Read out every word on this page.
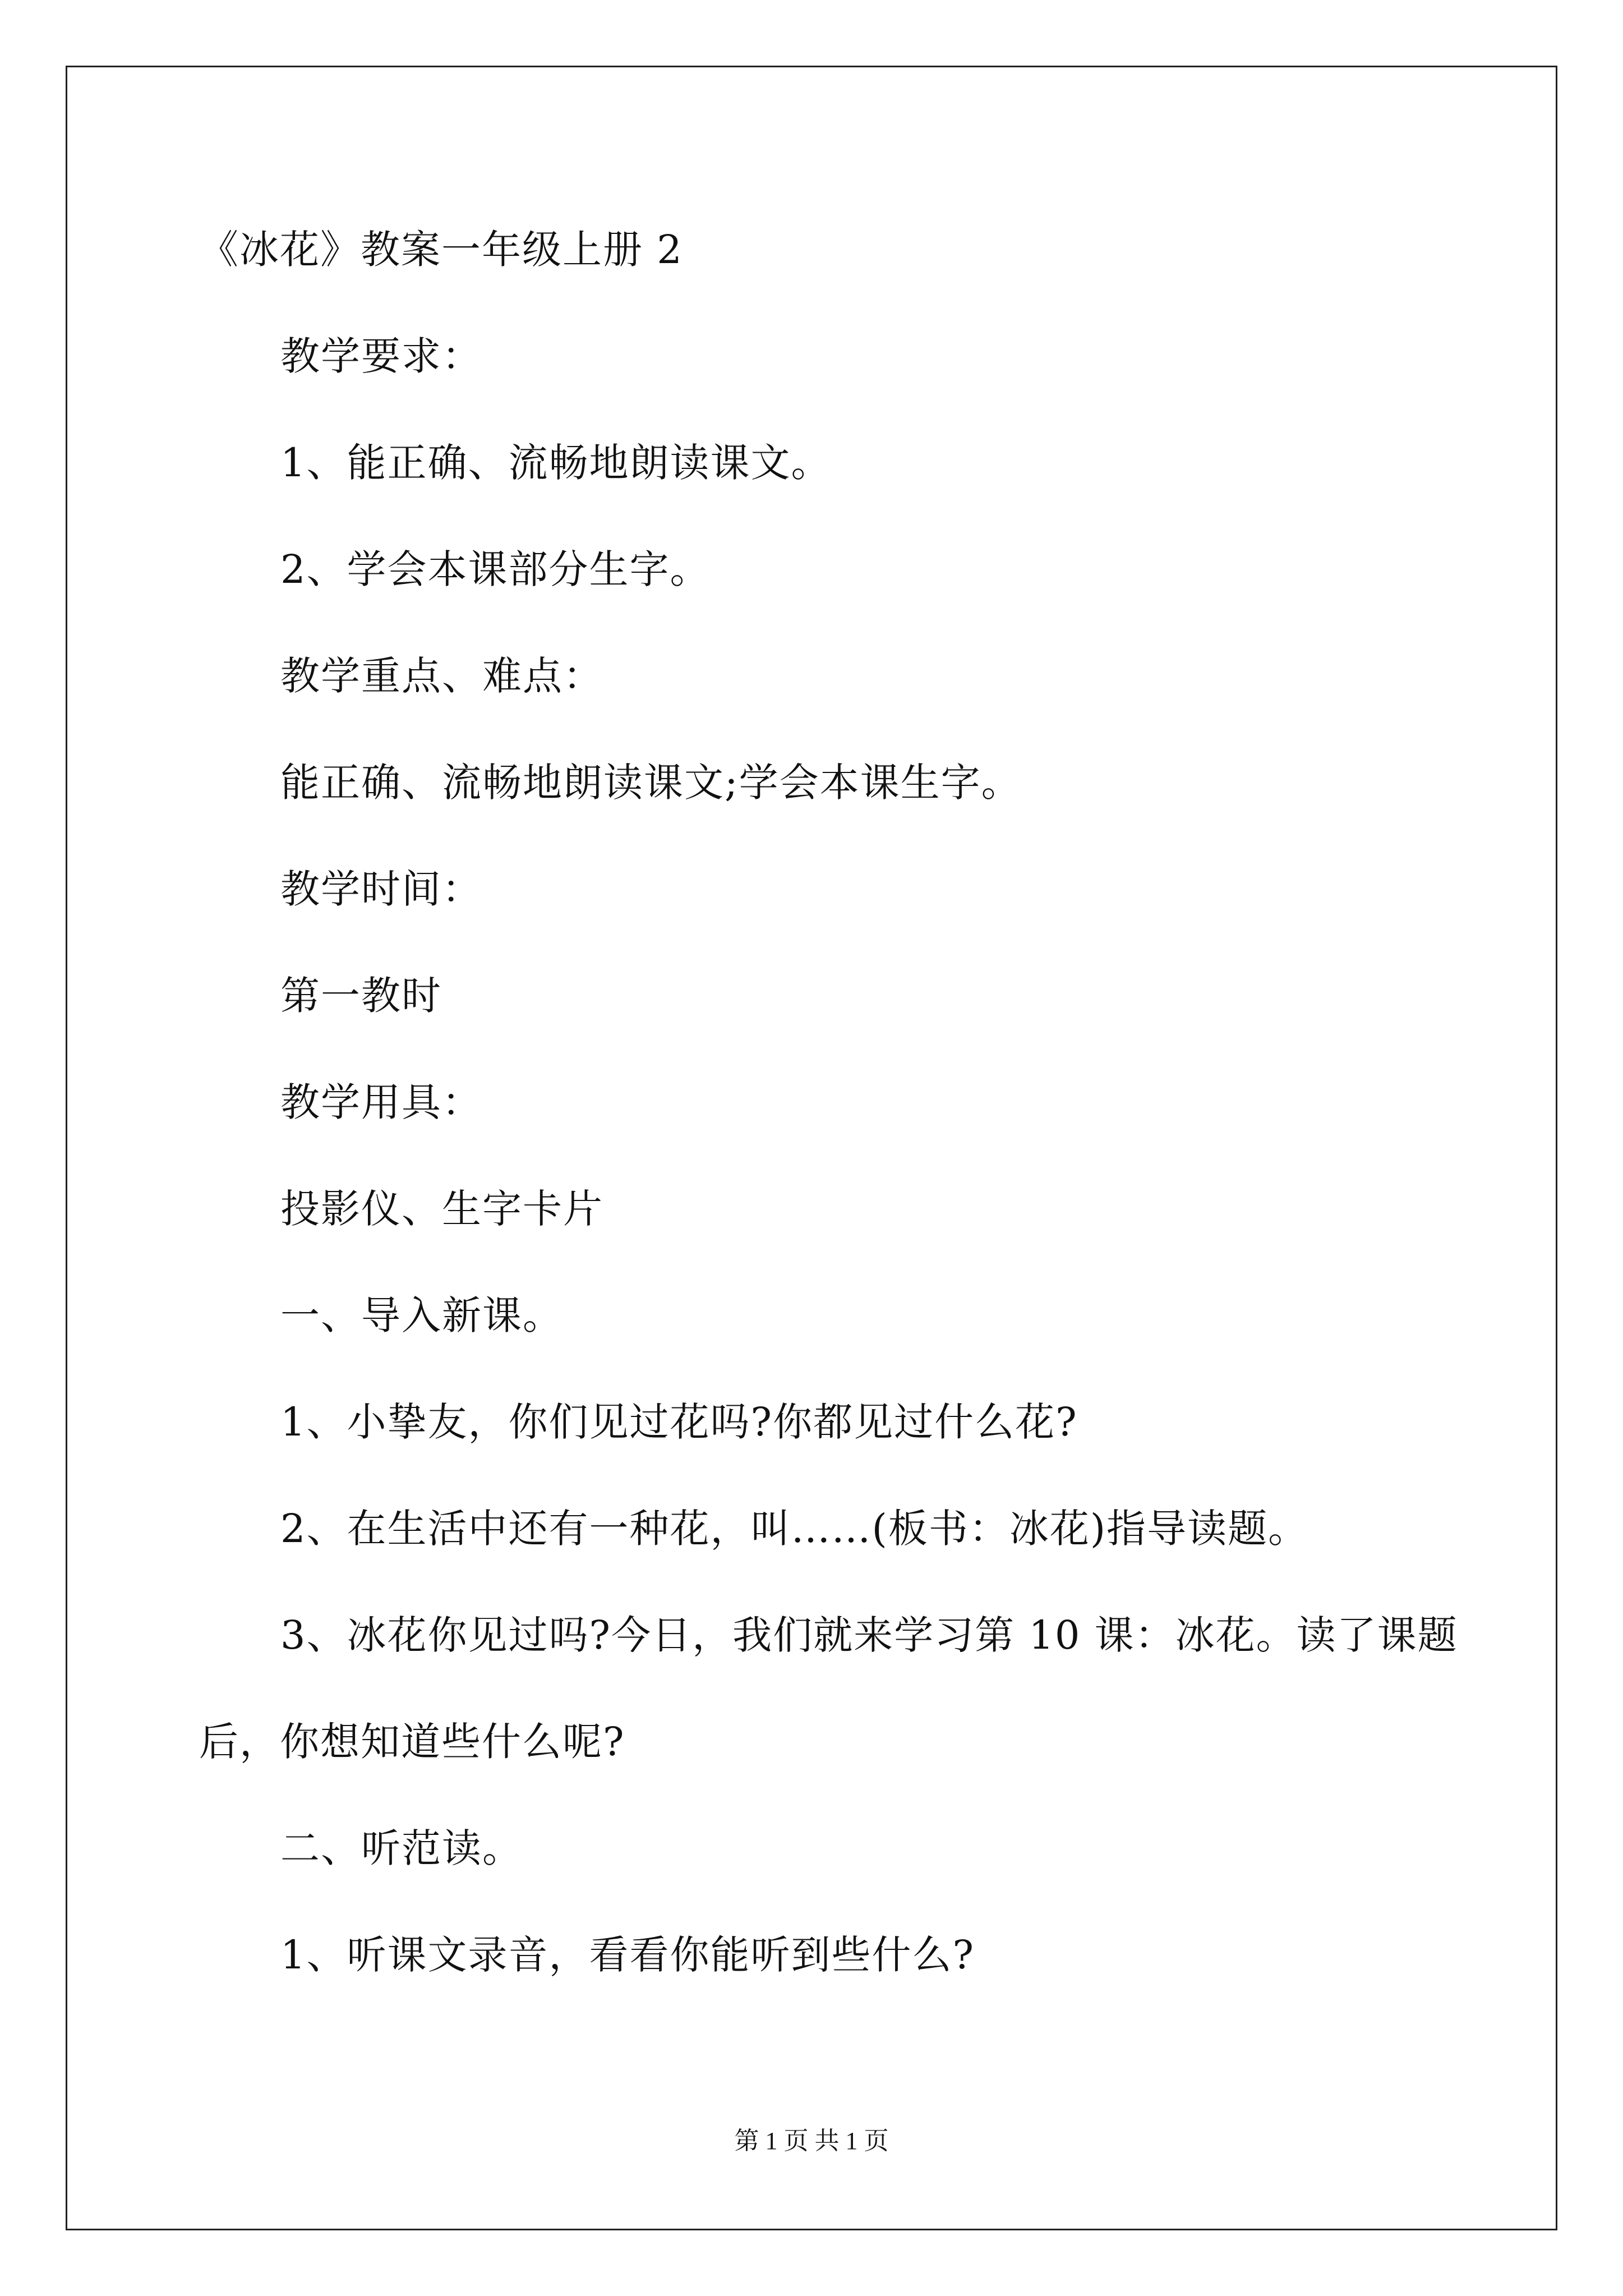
《冰花》教案一年级上册 2
教学要求：
1、能正确、流畅地朗读课文。
2、学会本课部分生字。
教学重点、难点：
能正确、流畅地朗读课文;学会本课生字。
教学时间：
第一教时
教学用具：
投影仪、生字卡片
一、导入新课。
1、小挚友，你们见过花吗?你都见过什么花?
2、在生活中还有一种花，叫……(板书：冰花)指导读题。
3、冰花你见过吗?今日，我们就来学习第 10 课：冰花。读了课题
后，你想知道些什么呢?
二、听范读。
1、听课文录音，看看你能听到些什么?
第 1 页 共 1 页
